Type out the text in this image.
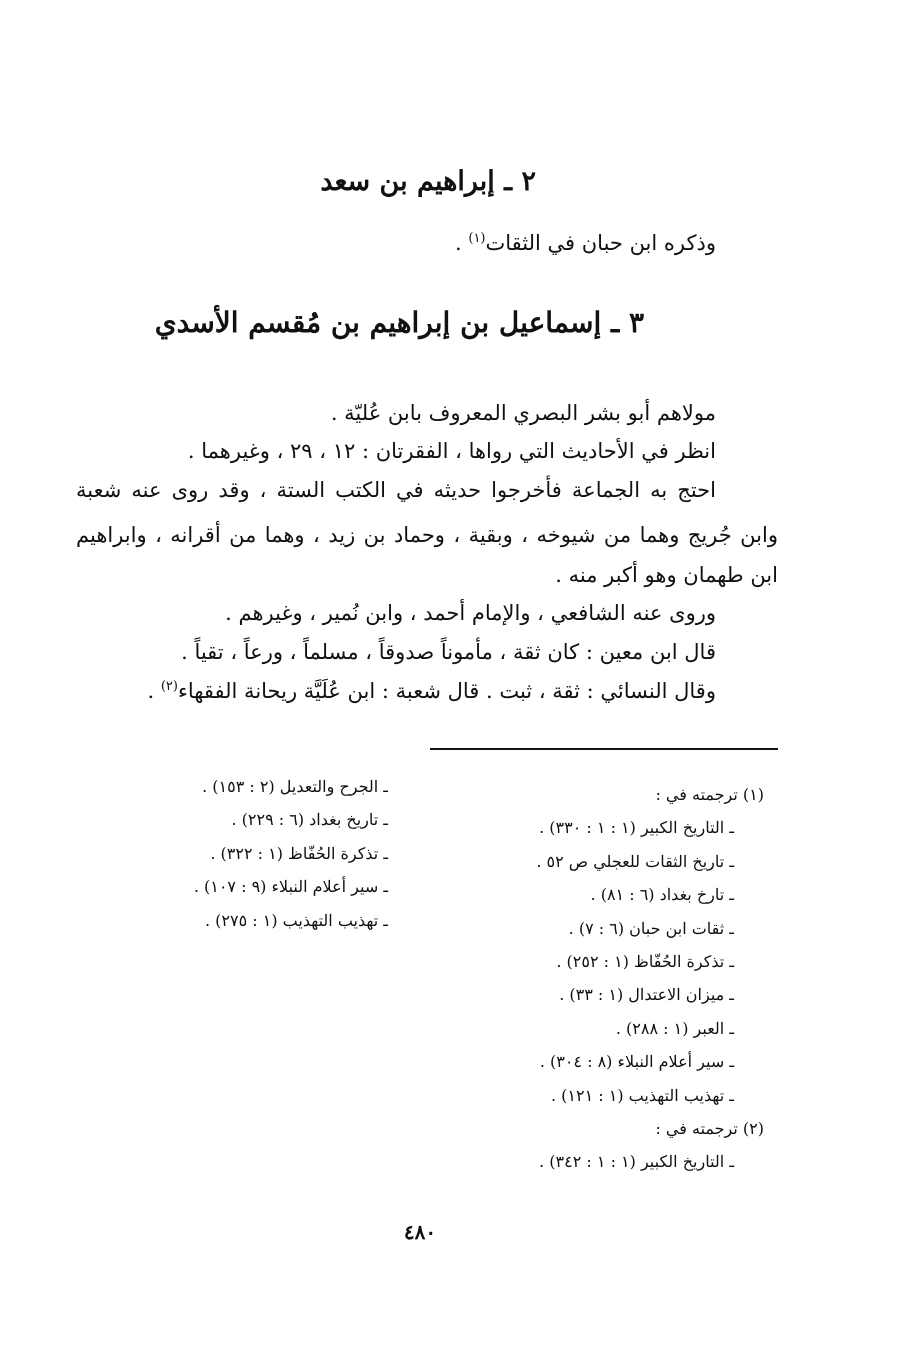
٢ ـ إبراهيم بن سعد
وذكره ابن حبان في الثقات$^{(١)}$ .
٣ ـ إسماعيل بن إبراهيم بن مُقسم الأسدي
مولاهم أبو بشر البصري المعروف بابن عُليّة .
انظر في الأحاديث التي رواها ، الفقرتان : ١٢ ، ٢٩ ، وغيرهما .
احتج به الجماعة فأخرجوا حديثه في الكتب الستة ، وقد روى عنه شعبة
وابن جُريج وهما من شيوخه ، وبقية ، وحماد بن زيد ، وهما من أقرانه ، وابراهيم
ابن طهمان وهو أكبر منه .
وروى عنه الشافعي ، والإمام أحمد ، وابن نُمير ، وغيرهم .
قال ابن معين : كان ثقة ، مأموناً صدوقاً ، مسلماً ، ورعاً ، تقياً .
وقال النسائي : ثقة ، ثبت . قال شعبة : ابن عُلَيَّة ريحانة الفقهاء$^{(٢)}$ .
(١) ترجمته في :
ـ التاريخ الكبير (١ : ١ : ٣٣٠) .
ـ تاريخ الثقات للعجلي ص ٥٢ .
ـ تارخ بغداد (٦ : ٨١) .
ـ ثقات ابن حبان (٦ : ٧) .
ـ تذكرة الحُفّاظ (١ : ٢٥٢) .
ـ ميزان الاعتدال (١ : ٣٣) .
ـ العبر (١ : ٢٨٨) .
ـ سير أعلام النبلاء (٨ : ٣٠٤) .
ـ تهذيب التهذيب (١ : ١٢١) .
(٢) ترجمته في :
ـ التاريخ الكبير (١ : ١ : ٣٤٢) .
ـ الجرح والتعديل (٢ : ١٥٣) .
ـ تاريخ بغداد (٦ : ٢٢٩) .
ـ تذكرة الحُفّاظ (١ : ٣٢٢) .
ـ سير أعلام النبلاء (٩ : ١٠٧) .
ـ تهذيب التهذيب (١ : ٢٧٥) .
٤٨٠
